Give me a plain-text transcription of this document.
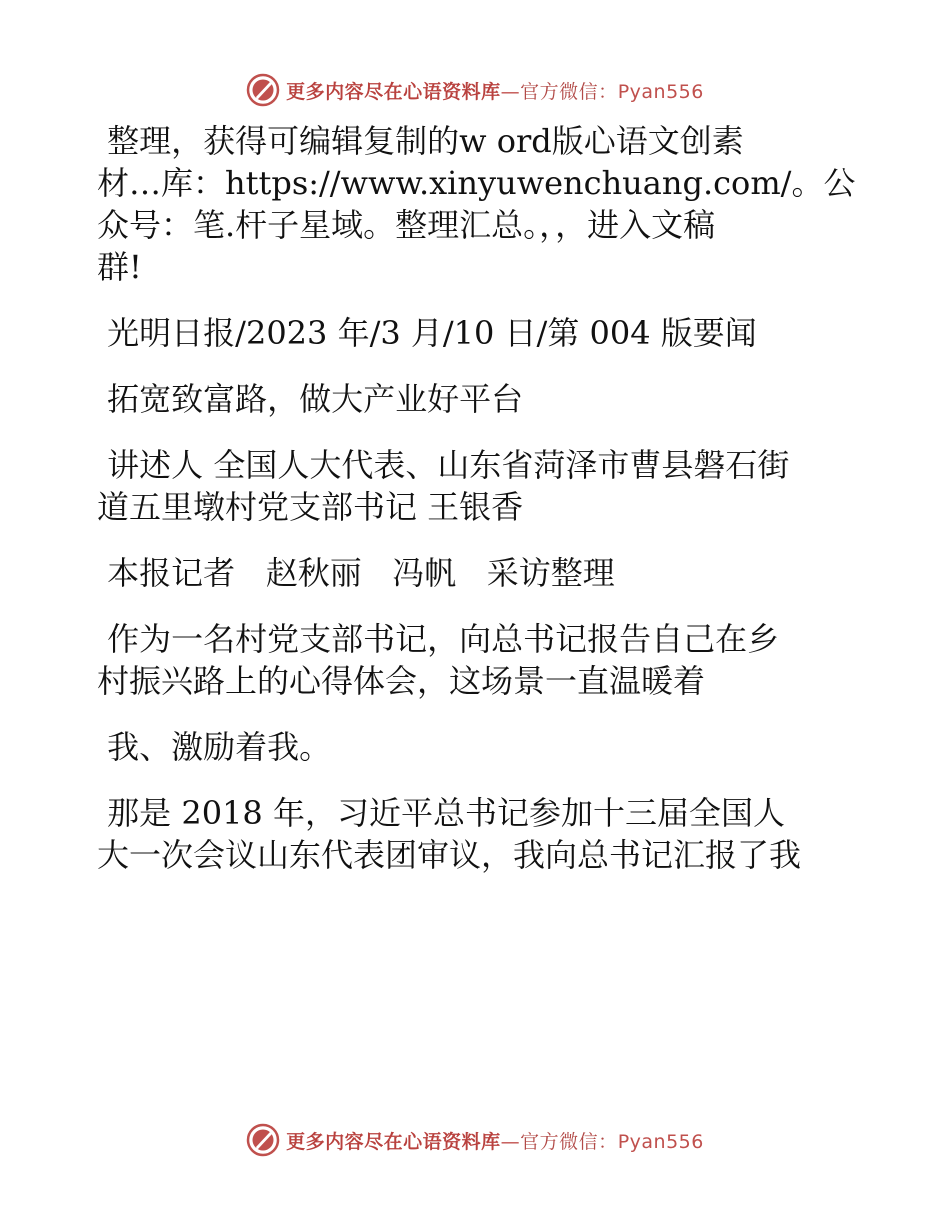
更多内容尽在心语资料库—官方微信：Pyan556
整理，获得可编辑复制的w ord版心语文创素
材…库：https://www.xinyuwenchuang.com/。公
众号：笔.杆子星域。整理汇总。，，进入文稿
群!
光明日报/2023 年/3 月/10 日/第 004 版要闻
拓宽致富路，做大产业好平台
讲述人 全国人大代表、山东省菏泽市曹县磐石街
道五里墩村党支部书记 王银香
本报记者   赵秋丽   冯帆   采访整理
作为一名村党支部书记，向总书记报告自己在乡
村振兴路上的心得体会，这场景一直温暖着
我、激励着我。
那是 2018 年，习近平总书记参加十三届全国人
大一次会议山东代表团审议，我向总书记汇报了我
更多内容尽在心语资料库—官方微信：Pyan556
